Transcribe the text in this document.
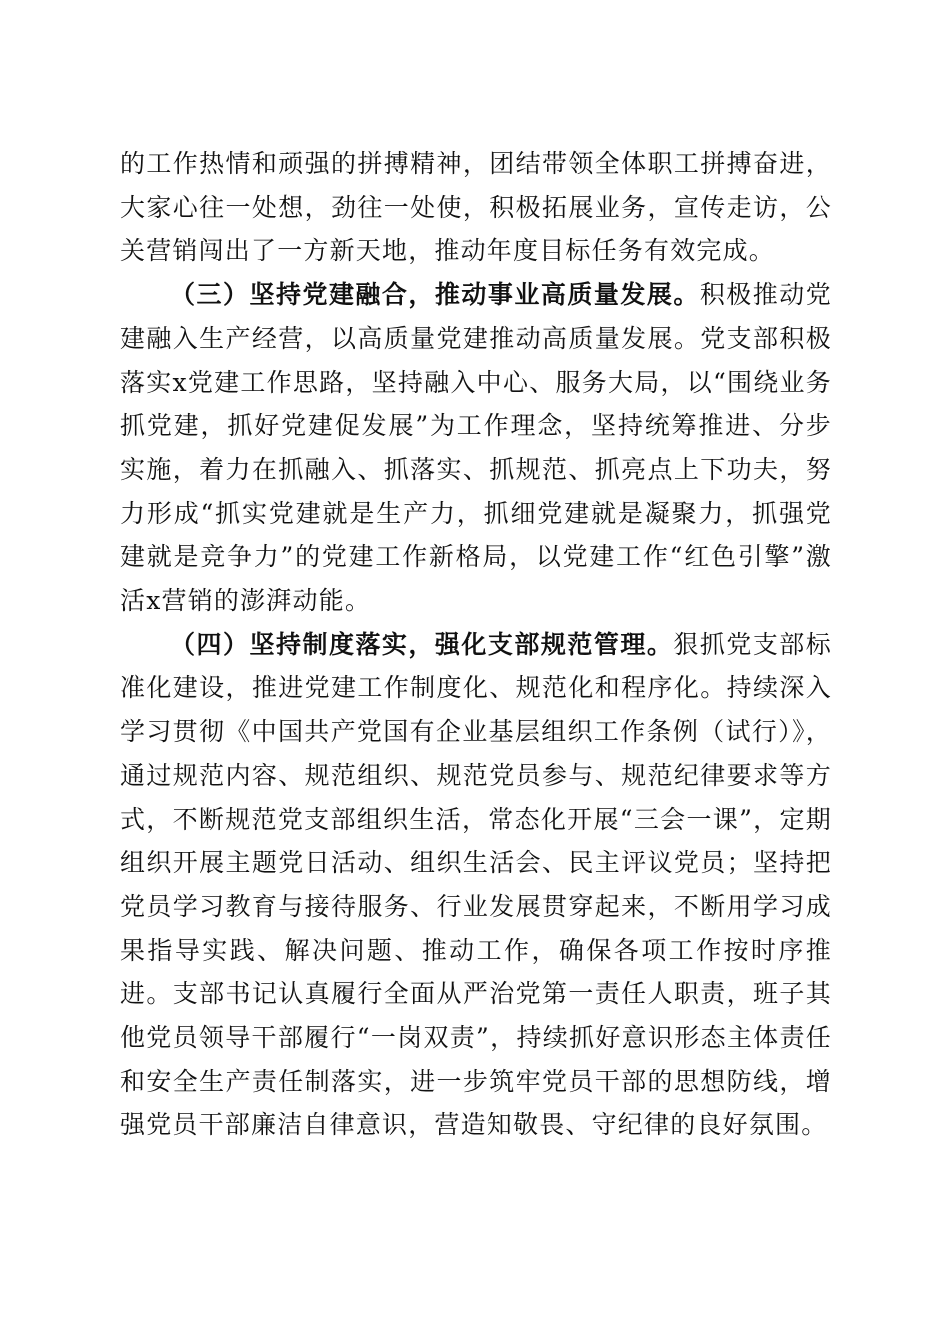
的工作热情和顽强的拼搏精神，团结带领全体职工拼搏奋进，大家心往一处想，劲往一处使，积极拓展业务，宣传走访，公关营销闯出了一方新天地，推动年度目标任务有效完成。

（三）坚持党建融合，推动事业高质量发展。积极推动党建融入生产经营，以高质量党建推动高质量发展。党支部积极落实x党建工作思路，坚持融入中心、服务大局，以“围绕业务抓党建，抓好党建促发展”为工作理念，坚持统筹推进、分步实施，着力在抓融入、抓落实、抓规范、抓亮点上下功夫，努力形成“抓实党建就是生产力，抓细党建就是凝聚力，抓强党建就是竞争力”的党建工作新格局，以党建工作“红色引擎”激活x营销的澎湃动能。

（四）坚持制度落实，强化支部规范管理。狠抓党支部标准化建设，推进党建工作制度化、规范化和程序化。持续深入学习贯彻《中国共产党国有企业基层组织工作条例（试行）》，通过规范内容、规范组织、规范党员参与、规范纪律要求等方式，不断规范党支部组织生活，常态化开展“三会一课”，定期组织开展主题党日活动、组织生活会、民主评议党员；坚持把党员学习教育与接待服务、行业发展贯穿起来，不断用学习成果指导实践、解决问题、推动工作，确保各项工作按时序推进。支部书记认真履行全面从严治党第一责任人职责，班子其他党员领导干部履行“一岗双责”，持续抓好意识形态主体责任和安全生产责任制落实，进一步筑牢党员干部的思想防线，增强党员干部廉洁自律意识，营造知敬畏、守纪律的良好氛围。
